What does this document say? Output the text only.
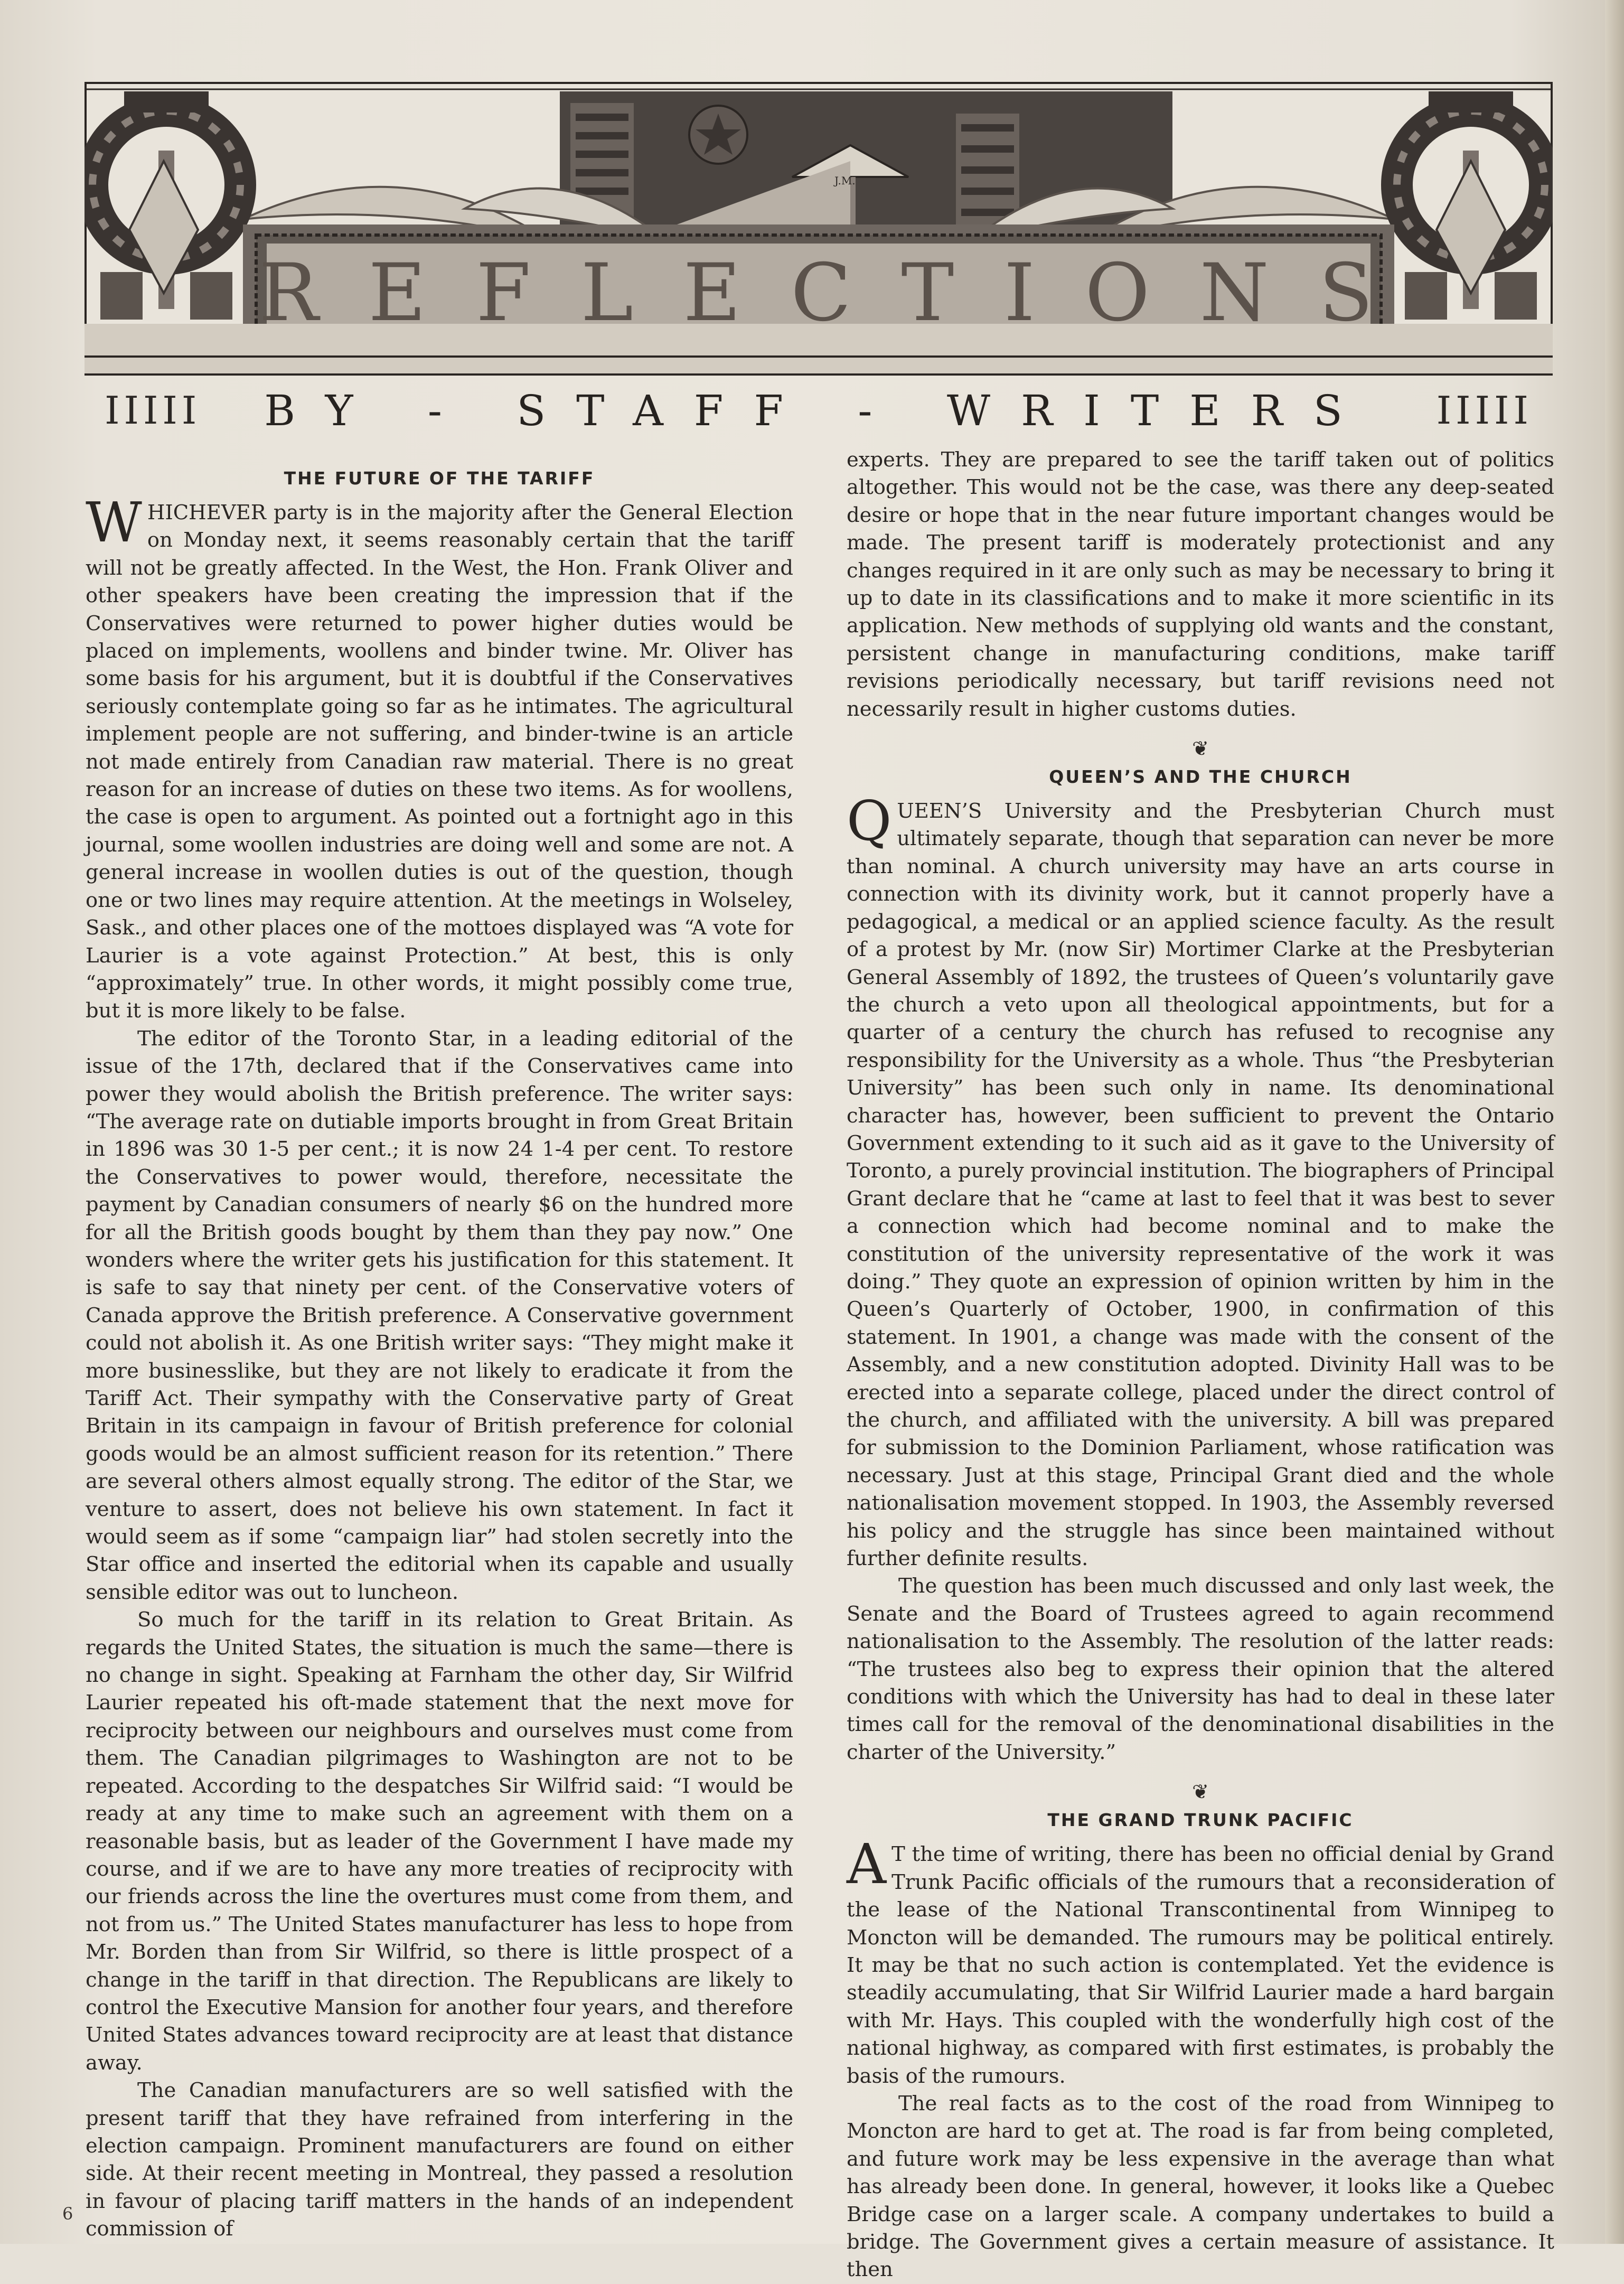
R E F L E C T I O N S
J.M.
ⅠⅠⅠⅠⅠ BY - STAFF - WRITERS ⅠⅠⅠⅠⅠ
THE FUTURE OF THE TARIFF

WHICHEVER party is in the majority after the General Election on Monday next, it seems reasonably certain that the tariff will not be greatly affected. In the West, the Hon. Frank Oliver and other speakers have been creating the impression that if the Conservatives were returned to power higher duties would be placed on implements, woollens and binder twine. Mr. Oliver has some basis for his argument, but it is doubtful if the Conservatives seriously contemplate going so far as he intimates. The agricultural implement people are not suffering, and binder-twine is an article not made entirely from Canadian raw material. There is no great reason for an increase of duties on these two items. As for woollens, the case is open to argument. As pointed out a fortnight ago in this journal, some woollen industries are doing well and some are not. A general increase in woollen duties is out of the question, though one or two lines may require attention. At the meetings in Wolseley, Sask., and other places one of the mottoes displayed was “A vote for Laurier is a vote against Protection.” At best, this is only “approximately” true. In other words, it might possibly come true, but it is more likely to be false.

The editor of the Toronto Star, in a leading editorial of the issue of the 17th, declared that if the Conservatives came into power they would abolish the British preference. The writer says: “The average rate on dutiable imports brought in from Great Britain in 1896 was 30 1-5 per cent.; it is now 24 1-4 per cent. To restore the Conservatives to power would, therefore, necessitate the payment by Canadian consumers of nearly $6 on the hundred more for all the British goods bought by them than they pay now.” One wonders where the writer gets his justification for this statement. It is safe to say that ninety per cent. of the Conservative voters of Canada approve the British preference. A Conservative government could not abolish it. As one British writer says: “They might make it more businesslike, but they are not likely to eradicate it from the Tariff Act. Their sympathy with the Conservative party of Great Britain in its campaign in favour of British preference for colonial goods would be an almost sufficient reason for its retention.” There are several others almost equally strong. The editor of the Star, we venture to assert, does not believe his own statement. In fact it would seem as if some “campaign liar” had stolen secretly into the Star office and inserted the editorial when its capable and usually sensible editor was out to luncheon.

So much for the tariff in its relation to Great Britain. As regards the United States, the situation is much the same—there is no change in sight. Speaking at Farnham the other day, Sir Wilfrid Laurier repeated his oft-made statement that the next move for reciprocity between our neighbours and ourselves must come from them. The Canadian pilgrimages to Washington are not to be repeated. According to the despatches Sir Wilfrid said: “I would be ready at any time to make such an agreement with them on a reasonable basis, but as leader of the Government I have made my course, and if we are to have any more treaties of reciprocity with our friends across the line the overtures must come from them, and not from us.” The United States manufacturer has less to hope from Mr. Borden than from Sir Wilfrid, so there is little prospect of a change in the tariff in that direction. The Republicans are likely to control the Executive Mansion for another four years, and therefore United States advances toward reciprocity are at least that distance away.

The Canadian manufacturers are so well satisfied with the present tariff that they have refrained from interfering in the election campaign. Prominent manufacturers are found on either side. At their recent meeting in Montreal, they passed a resolution in favour of placing tariff matters in the hands of an independent commission of

experts. They are prepared to see the tariff taken out of politics altogether. This would not be the case, was there any deep-seated desire or hope that in the near future important changes would be made. The present tariff is moderately protectionist and any changes required in it are only such as may be necessary to bring it up to date in its classifications and to make it more scientific in its application. New methods of supplying old wants and the constant, persistent change in manufacturing conditions, make tariff revisions periodically necessary, but tariff revisions need not necessarily result in higher customs duties.

❦
QUEEN’S AND THE CHURCH

QUEEN’S University and the Presbyterian Church must ultimately separate, though that separation can never be more than nominal. A church university may have an arts course in connection with its divinity work, but it cannot properly have a pedagogical, a medical or an applied science faculty. As the result of a protest by Mr. (now Sir) Mortimer Clarke at the Presbyterian General Assembly of 1892, the trustees of Queen’s voluntarily gave the church a veto upon all theological appointments, but for a quarter of a century the church has refused to recognise any responsibility for the University as a whole. Thus “the Presbyterian University” has been such only in name. Its denominational character has, however, been sufficient to prevent the Ontario Government extending to it such aid as it gave to the University of Toronto, a purely provincial institution. The biographers of Principal Grant declare that he “came at last to feel that it was best to sever a connection which had become nominal and to make the constitution of the university representative of the work it was doing.” They quote an expression of opinion written by him in the Queen’s Quarterly of October, 1900, in confirmation of this statement. In 1901, a change was made with the consent of the Assembly, and a new constitution adopted. Divinity Hall was to be erected into a separate college, placed under the direct control of the church, and affiliated with the university. A bill was prepared for submission to the Dominion Parliament, whose ratification was necessary. Just at this stage, Principal Grant died and the whole nationalisation movement stopped. In 1903, the Assembly reversed his policy and the struggle has since been maintained without further definite results.

The question has been much discussed and only last week, the Senate and the Board of Trustees agreed to again recommend nationalisation to the Assembly. The resolution of the latter reads: “The trustees also beg to express their opinion that the altered conditions with which the University has had to deal in these later times call for the removal of the denominational disabilities in the charter of the University.”

❦
THE GRAND TRUNK PACIFIC

A T the time of writing, there has been no official denial by Grand Trunk Pacific officials of the rumours that a reconsideration of the lease of the National Transcontinental from Winnipeg to Moncton will be demanded. The rumours may be political entirely. It may be that no such action is contemplated. Yet the evidence is steadily accumulating, that Sir Wilfrid Laurier made a hard bargain with Mr. Hays. This coupled with the wonderfully high cost of the national highway, as compared with first estimates, is probably the basis of the rumours.

The real facts as to the cost of the road from Winnipeg to Moncton are hard to get at. The road is far from being completed, and future work may be less expensive in the average than what has already been done. In general, however, it looks like a Quebec Bridge case on a larger scale. A company undertakes to build a bridge. The Government gives a certain measure of assistance. It then

6
